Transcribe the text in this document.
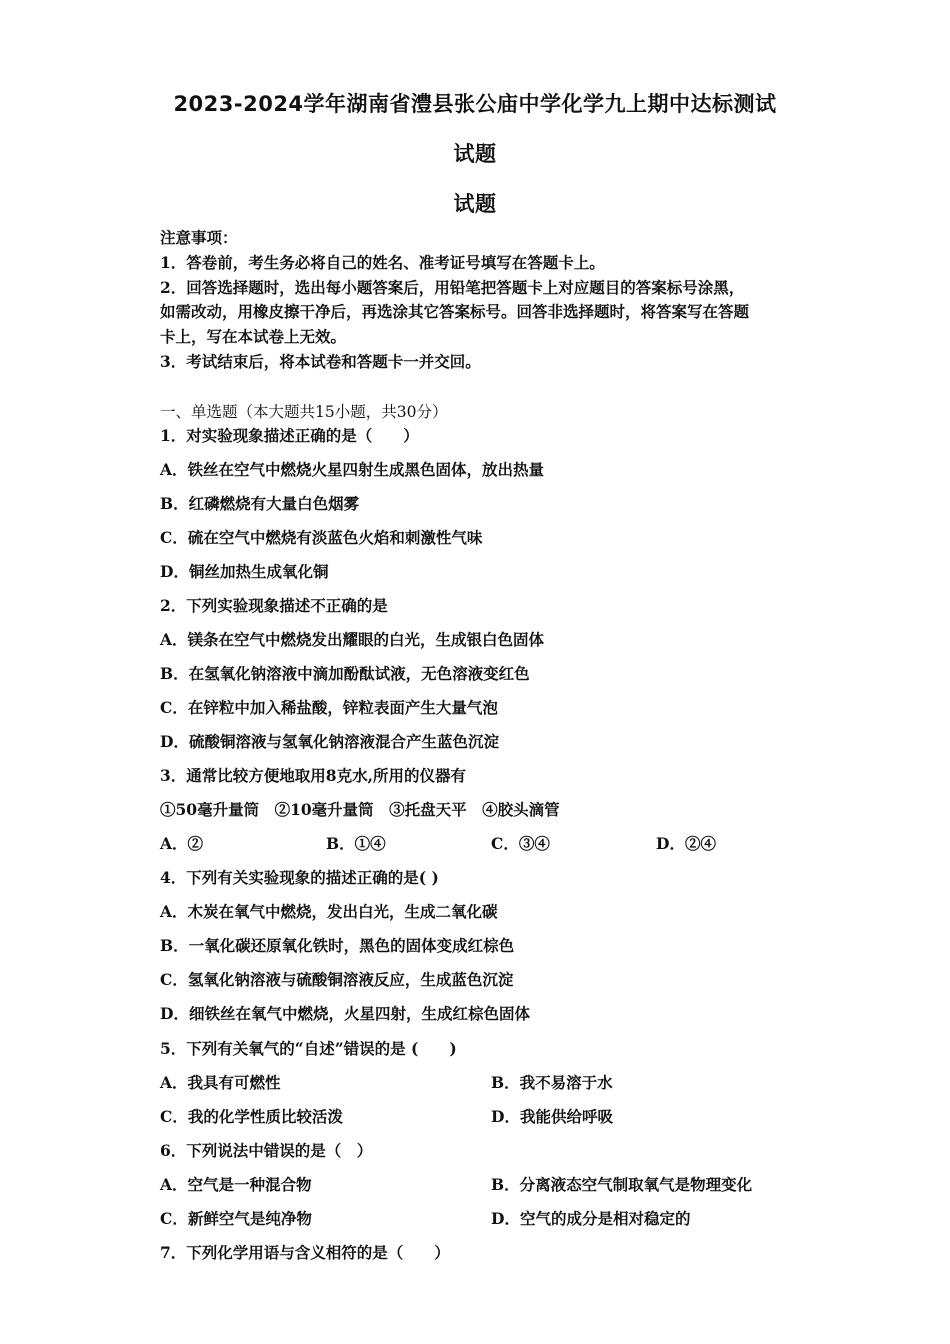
2023-2024学年湖南省澧县张公庙中学化学九上期中达标测试
试题
试题
注意事项：
1．答卷前，考生务必将自己的姓名、准考证号填写在答题卡上。
2．回答选择题时，选出每小题答案后，用铅笔把答题卡上对应题目的答案标号涂黑，
如需改动，用橡皮擦干净后，再选涂其它答案标号。回答非选择题时，将答案写在答题
卡上，写在本试卷上无效。
3．考试结束后，将本试卷和答题卡一并交回。
一、单选题（本大题共15小题，共30分）
1．对实验现象描述正确的是（　　）
A．铁丝在空气中燃烧火星四射生成黑色固体，放出热量
B．红磷燃烧有大量白色烟雾
C．硫在空气中燃烧有淡蓝色火焰和刺激性气味
D．铜丝加热生成氧化铜
2．下列实验现象描述不正确的是
A．镁条在空气中燃烧发出耀眼的白光，生成银白色固体
B．在氢氧化钠溶液中滴加酚酞试液，无色溶液变红色
C．在锌粒中加入稀盐酸，锌粒表面产生大量气泡
D．硫酸铜溶液与氢氧化钠溶液混合产生蓝色沉淀
3．通常比较方便地取用8克水,所用的仪器有
①50毫升量筒　②10毫升量筒　③托盘天平　④胶头滴管
A．②	B．①④	C．③④	D．②④
4．下列有关实验现象的描述正确的是( )
A．木炭在氧气中燃烧，发出白光，生成二氧化碳
B．一氧化碳还原氧化铁时，黑色的固体变成红棕色
C．氢氧化钠溶液与硫酸铜溶液反应，生成蓝色沉淀
D．细铁丝在氧气中燃烧，火星四射，生成红棕色固体
5．下列有关氧气的“自述”错误的是 (　　)
A．我具有可燃性	B．我不易溶于水
C．我的化学性质比较活泼	D．我能供给呼吸
6．下列说法中错误的是（　）
A．空气是一种混合物	B．分离液态空气制取氧气是物理变化
C．新鲜空气是纯净物	D．空气的成分是相对稳定的
7．下列化学用语与含义相符的是（　　）
